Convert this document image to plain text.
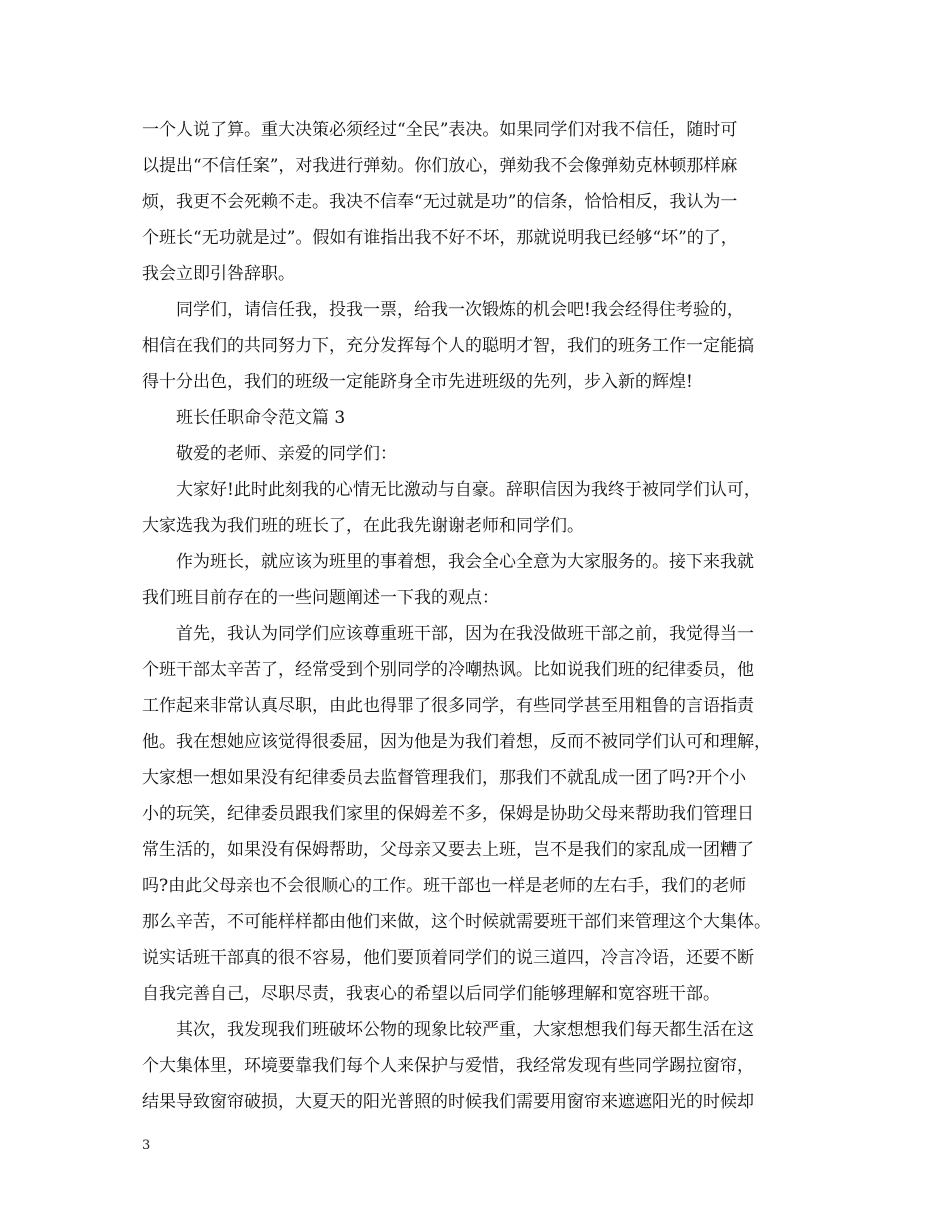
一个人说了算。重大决策必须经过“全民”表决。如果同学们对我不信任，随时可
以提出“不信任案”，对我进行弹劾。你们放心，弹劾我不会像弹劾克林顿那样麻
烦，我更不会死赖不走。我决不信奉“无过就是功”的信条，恰恰相反，我认为一
个班长“无功就是过”。假如有谁指出我不好不坏，那就说明我已经够“坏”的了，
我会立即引咎辞职。

同学们，请信任我，投我一票，给我一次锻炼的机会吧!我会经得住考验的，
相信在我们的共同努力下，充分发挥每个人的聪明才智，我们的班务工作一定能搞
得十分出色，我们的班级一定能跻身全市先进班级的先列，步入新的辉煌!

班长任职命令范文篇 3

敬爱的老师、亲爱的同学们：

大家好!此时此刻我的心情无比激动与自豪。辞职信因为我终于被同学们认可，
大家选我为我们班的班长了，在此我先谢谢老师和同学们。

作为班长，就应该为班里的事着想，我会全心全意为大家服务的。接下来我就
我们班目前存在的一些问题阐述一下我的观点：

首先，我认为同学们应该尊重班干部，因为在我没做班干部之前，我觉得当一
个班干部太辛苦了，经常受到个别同学的冷嘲热讽。比如说我们班的纪律委员，他
工作起来非常认真尽职，由此也得罪了很多同学，有些同学甚至用粗鲁的言语指责
他。我在想她应该觉得很委屈，因为他是为我们着想，反而不被同学们认可和理解，
大家想一想如果没有纪律委员去监督管理我们，那我们不就乱成一团了吗?开个小
小的玩笑，纪律委员跟我们家里的保姆差不多，保姆是协助父母来帮助我们管理日
常生活的，如果没有保姆帮助，父母亲又要去上班，岂不是我们的家乱成一团糟了
吗?由此父母亲也不会很顺心的工作。班干部也一样是老师的左右手，我们的老师
那么辛苦，不可能样样都由他们来做，这个时候就需要班干部们来管理这个大集体。
说实话班干部真的很不容易，他们要顶着同学们的说三道四，冷言冷语，还要不断
自我完善自己，尽职尽责，我衷心的希望以后同学们能够理解和宽容班干部。

其次，我发现我们班破坏公物的现象比较严重，大家想想我们每天都生活在这
个大集体里，环境要靠我们每个人来保护与爱惜，我经常发现有些同学踢拉窗帘，
结果导致窗帘破损，大夏天的阳光普照的时候我们需要用窗帘来遮遮阳光的时候却

3
